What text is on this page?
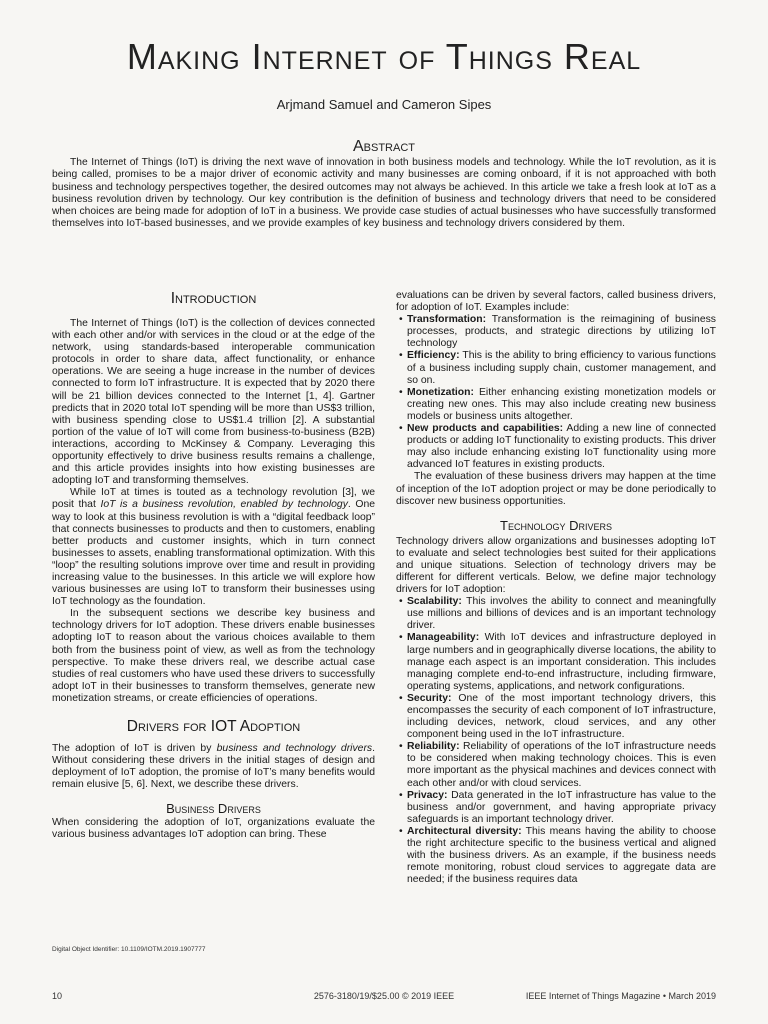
Making Internet of Things Real
Arjmand Samuel and Cameron Sipes
Abstract
The Internet of Things (IoT) is driving the next wave of innovation in both business models and technology. While the IoT revolution, as it is being called, promises to be a major driver of economic activity and many businesses are coming onboard, if it is not approached with both business and technology perspectives together, the desired outcomes may not always be achieved. In this article we take a fresh look at IoT as a business revolution driven by technology. Our key contribution is the definition of business and technology drivers that need to be considered when choices are being made for adoption of IoT in a business. We provide case studies of actual businesses who have successfully transformed themselves into IoT-based businesses, and we provide examples of key business and technology drivers considered by them.
Introduction

The Internet of Things (IoT) is the collection of devices connected with each other and/or with services in the cloud or at the edge of the network, using standards-based interoperable communication protocols in order to share data, affect functionality, or enhance operations. We are seeing a huge increase in the number of devices connected to form IoT infrastructure. It is expected that by 2020 there will be 21 billion devices connected to the Internet [1, 4]. Gartner predicts that in 2020 total IoT spending will be more than US$3 trillion, with business spending close to US$1.4 trillion [2]. A substantial portion of the value of IoT will come from business-to-business (B2B) interactions, according to McKinsey & Company. Leveraging this opportunity effectively to drive business results remains a challenge, and this article provides insights into how existing businesses are adopting IoT and transforming themselves.

While IoT at times is touted as a technology revolution [3], we posit that IoT is a business revolution, enabled by technology. One way to look at this business revolution is with a “digital feedback loop” that connects businesses to products and then to customers, enabling better products and customer insights, which in turn connect businesses to assets, enabling transformational optimization. With this “loop” the resulting solutions improve over time and result in providing increasing value to the businesses. In this article we will explore how various businesses are using IoT to transform their businesses using IoT technology as the foundation.

In the subsequent sections we describe key business and technology drivers for IoT adoption. These drivers enable businesses adopting IoT to reason about the various choices available to them both from the business point of view, as well as from the technology perspective. To make these drivers real, we describe actual case studies of real customers who have used these drivers to successfully adopt IoT in their businesses to transform themselves, generate new monetization streams, or create efficiencies of operations.

Drivers for IOT Adoption

The adoption of IoT is driven by business and technology drivers. Without considering these drivers in the initial stages of design and deployment of IoT adoption, the promise of IoT’s many benefits would remain elusive [5, 6]. Next, we describe these drivers.

Business Drivers

When considering the adoption of IoT, organizations evaluate the various business advantages IoT adoption can bring. These

evaluations can be driven by several factors, called business drivers, for adoption of IoT. Examples include:

• Transformation: Transformation is the reimagining of business processes, products, and strategic directions by utilizing IoT technology
• Efficiency: This is the ability to bring efficiency to various functions of a business including supply chain, customer management, and so on.
• Monetization: Either enhancing existing monetization models or creating new ones. This may also include creating new business models or business units altogether.
• New products and capabilities: Adding a new line of connected products or adding IoT functionality to existing products. This driver may also include enhancing existing IoT functionality using more advanced IoT features in existing products.

The evaluation of these business drivers may happen at the time of inception of the IoT adoption project or may be done periodically to discover new business opportunities.

Technology Drivers

Technology drivers allow organizations and businesses adopting IoT to evaluate and select technologies best suited for their applications and unique situations. Selection of technology drivers may be different for different verticals. Below, we define major technology drivers for IoT adoption:

• Scalability: This involves the ability to connect and meaningfully use millions and billions of devices and is an important technology driver.
• Manageability: With IoT devices and infrastructure deployed in large numbers and in geographically diverse locations, the ability to manage each aspect is an important consideration. This includes managing complete end-to-end infrastructure, including firmware, operating systems, applications, and network configurations.
• Security: One of the most important technology drivers, this encompasses the security of each component of IoT infrastructure, including devices, network, cloud services, and any other component being used in the IoT infrastructure.
• Reliability: Reliability of operations of the IoT infrastructure needs to be considered when making technology choices. This is even more important as the physical machines and devices connect with each other and/or with cloud services.
• Privacy: Data generated in the IoT infrastructure has value to the business and/or government, and having appropriate privacy safeguards is an important technology driver.
• Architectural diversity: This means having the ability to choose the right architecture specific to the business vertical and aligned with the business drivers. As an example, if the business needs remote monitoring, robust cloud services to aggregate data are needed; if the business requires data
Digital Object Identifier: 10.1109/IOTM.2019.1907777
10	2576-3180/19/$25.00 © 2019 IEEE	IEEE Internet of Things Magazine • March 2019
